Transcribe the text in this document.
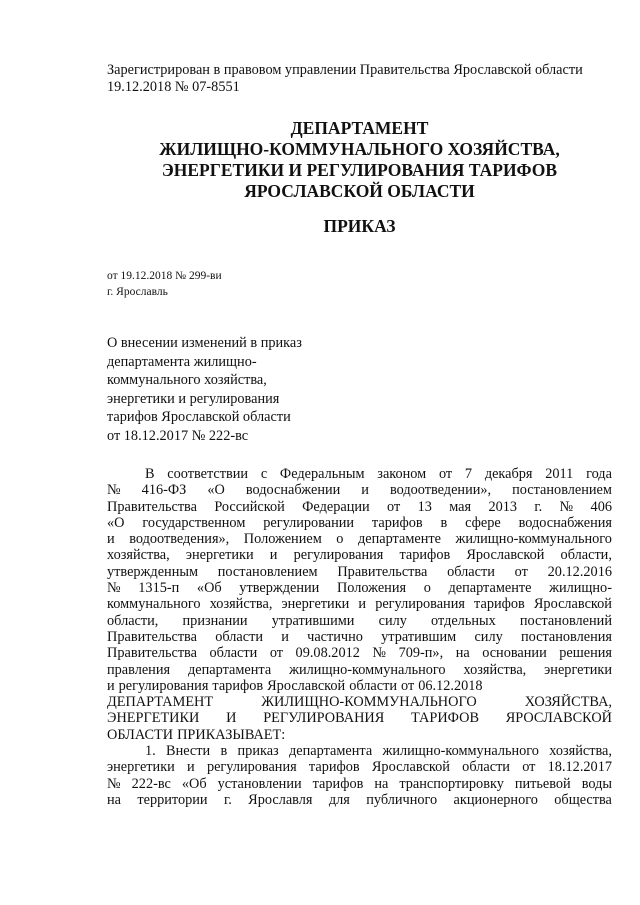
Зарегистрирован в правовом управлении Правительства Ярославской области
19.12.2018 № 07-8551
ДЕПАРТАМЕНТ
ЖИЛИЩНО-КОММУНАЛЬНОГО ХОЗЯЙСТВА,
ЭНЕРГЕТИКИ И РЕГУЛИРОВАНИЯ ТАРИФОВ
ЯРОСЛАВСКОЙ ОБЛАСТИ
ПРИКАЗ
от 19.12.2018 № 299-ви
г. Ярославль
О внесении изменений в приказ
департамента жилищно-
коммунального хозяйства,
энергетики и регулирования
тарифов Ярославской области
от 18.12.2017 № 222-вс
В соответствии с Федеральным законом от 7 декабря 2011 года
№ 416-ФЗ «О водоснабжении и водоотведении», постановлением
Правительства Российской Федерации от 13 мая 2013 г. № 406
«О государственном регулировании тарифов в сфере водоснабжения
и водоотведения», Положением о департаменте жилищно-коммунального
хозяйства, энергетики и регулирования тарифов Ярославской области,
утвержденным постановлением Правительства области от 20.12.2016
№ 1315-п «Об утверждении Положения о департаменте жилищно-
коммунального хозяйства, энергетики и регулирования тарифов Ярославской
области, признании утратившими силу отдельных постановлений
Правительства области и частично утратившим силу постановления
Правительства области от 09.08.2012 № 709-п», на основании решения
правления департамента жилищно-коммунального хозяйства, энергетики
и регулирования тарифов Ярославской области от 06.12.2018
ДЕПАРТАМЕНТ	ЖИЛИЩНО-КОММУНАЛЬНОГО	ХОЗЯЙСТВА,
ЭНЕРГЕТИКИ И РЕГУЛИРОВАНИЯ ТАРИФОВ ЯРОСЛАВСКОЙ
ОБЛАСТИ ПРИКАЗЫВАЕТ:
1. Внести в приказ департамента жилищно-коммунального хозяйства,
энергетики и регулирования тарифов Ярославской области от 18.12.2017
№ 222-вс «Об установлении тарифов на транспортировку питьевой воды
на территории г. Ярославля для публичного акционерного общества
